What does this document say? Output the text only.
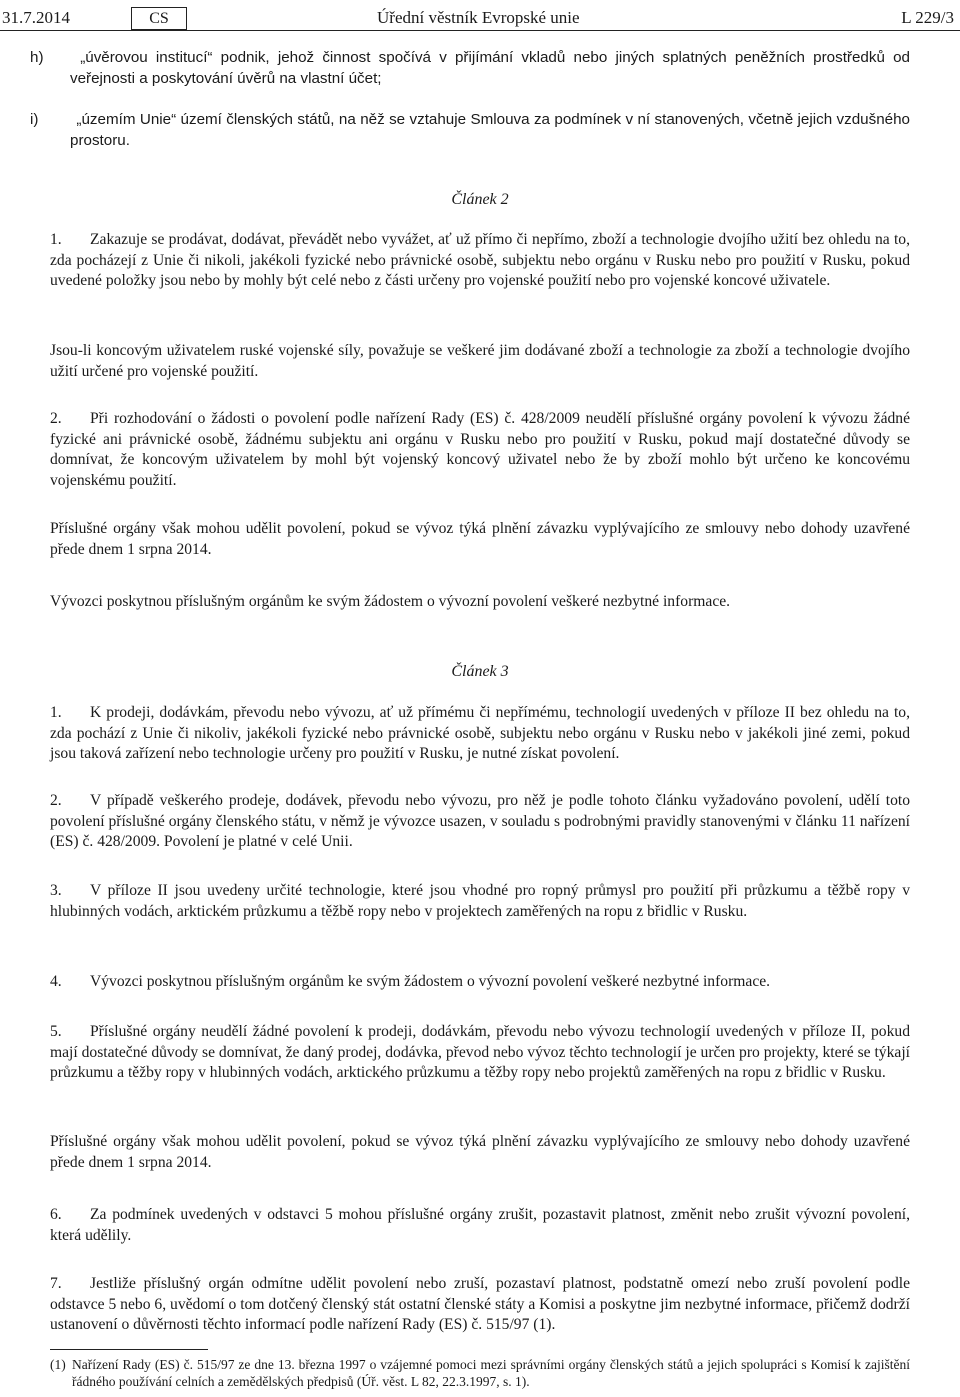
31.7.2014	CS	Úřední věstník Evropské unie	L 229/3

h) „úvěrovou institucí“ podnik, jehož činnost spočívá v přijímání vkladů nebo jiných splatných peněžních prostředků od veřejnosti a poskytování úvěrů na vlastní účet;

i) „územím Unie“ území členských států, na něž se vztahuje Smlouva za podmínek v ní stanovených, včetně jejich vzdušného prostoru.

Článek 2

1. Zakazuje se prodávat, dodávat, převádět nebo vyvážet, ať už přímo či nepřímo, zboží a technologie dvojího užití bez ohledu na to, zda pocházejí z Unie či nikoli, jakékoli fyzické nebo právnické osobě, subjektu nebo orgánu v Rusku nebo pro použití v Rusku, pokud uvedené položky jsou nebo by mohly být celé nebo z části určeny pro vojenské použití nebo pro vojenské koncové uživatele.

Jsou-li koncovým uživatelem ruské vojenské síly, považuje se veškeré jim dodávané zboží a technologie za zboží a technologie dvojího užití určené pro vojenské použití.

2. Při rozhodování o žádosti o povolení podle nařízení Rady (ES) č. 428/2009 neudělí příslušné orgány povolení k vývozu žádné fyzické ani právnické osobě, žádnému subjektu ani orgánu v Rusku nebo pro použití v Rusku, pokud mají dostatečné důvody se domnívat, že koncovým uživatelem by mohl být vojenský koncový uživatel nebo že by zboží mohlo být určeno ke koncovému vojenskému použití.

Příslušné orgány však mohou udělit povolení, pokud se vývoz týká plnění závazku vyplývajícího ze smlouvy nebo dohody uzavřené přede dnem 1 srpna 2014.

Vývozci poskytnou příslušným orgánům ke svým žádostem o vývozní povolení veškeré nezbytné informace.

Článek 3

1. K prodeji, dodávkám, převodu nebo vývozu, ať už přímému či nepřímému, technologií uvedených v příloze II bez ohledu na to, zda pochází z Unie či nikoliv, jakékoli fyzické nebo právnické osobě, subjektu nebo orgánu v Rusku nebo v jakékoli jiné zemi, pokud jsou taková zařízení nebo technologie určeny pro použití v Rusku, je nutné získat povolení.

2. V případě veškerého prodeje, dodávek, převodu nebo vývozu, pro něž je podle tohoto článku vyžadováno povolení, udělí toto povolení příslušné orgány členského státu, v němž je vývozce usazen, v souladu s podrobnými pravidly stanovenými v článku 11 nařízení (ES) č. 428/2009. Povolení je platné v celé Unii.

3. V příloze II jsou uvedeny určité technologie, které jsou vhodné pro ropný průmysl pro použití při průzkumu a těžbě ropy v hlubinných vodách, arktickém průzkumu a těžbě ropy nebo v projektech zaměřených na ropu z břidlic v Rusku.

4. Vývozci poskytnou příslušným orgánům ke svým žádostem o vývozní povolení veškeré nezbytné informace.

5. Příslušné orgány neudělí žádné povolení k prodeji, dodávkám, převodu nebo vývozu technologií uvedených v příloze II, pokud mají dostatečné důvody se domnívat, že daný prodej, dodávka, převod nebo vývoz těchto technologií je určen pro projekty, které se týkají průzkumu a těžby ropy v hlubinných vodách, arktického průzkumu a těžby ropy nebo projektů zaměřených na ropu z břidlic v Rusku.

Příslušné orgány však mohou udělit povolení, pokud se vývoz týká plnění závazku vyplývajícího ze smlouvy nebo dohody uzavřené přede dnem 1 srpna 2014.

6. Za podmínek uvedených v odstavci 5 mohou příslušné orgány zrušit, pozastavit platnost, změnit nebo zrušit vývozní povolení, která udělily.

7. Jestliže příslušný orgán odmítne udělit povolení nebo zruší, pozastaví platnost, podstatně omezí nebo zruší povolení podle odstavce 5 nebo 6, uvědomí o tom dotčený členský stát ostatní členské státy a Komisi a poskytne jim nezbytné informace, přičemž dodrží ustanovení o důvěrnosti těchto informací podle nařízení Rady (ES) č. 515/97 (1).

(1) Nařízení Rady (ES) č. 515/97 ze dne 13. března 1997 o vzájemné pomoci mezi správními orgány členských států a jejich spolupráci s Komisí k zajištění řádného používání celních a zemědělských předpisů (Úř. věst. L 82, 22.3.1997, s. 1).
